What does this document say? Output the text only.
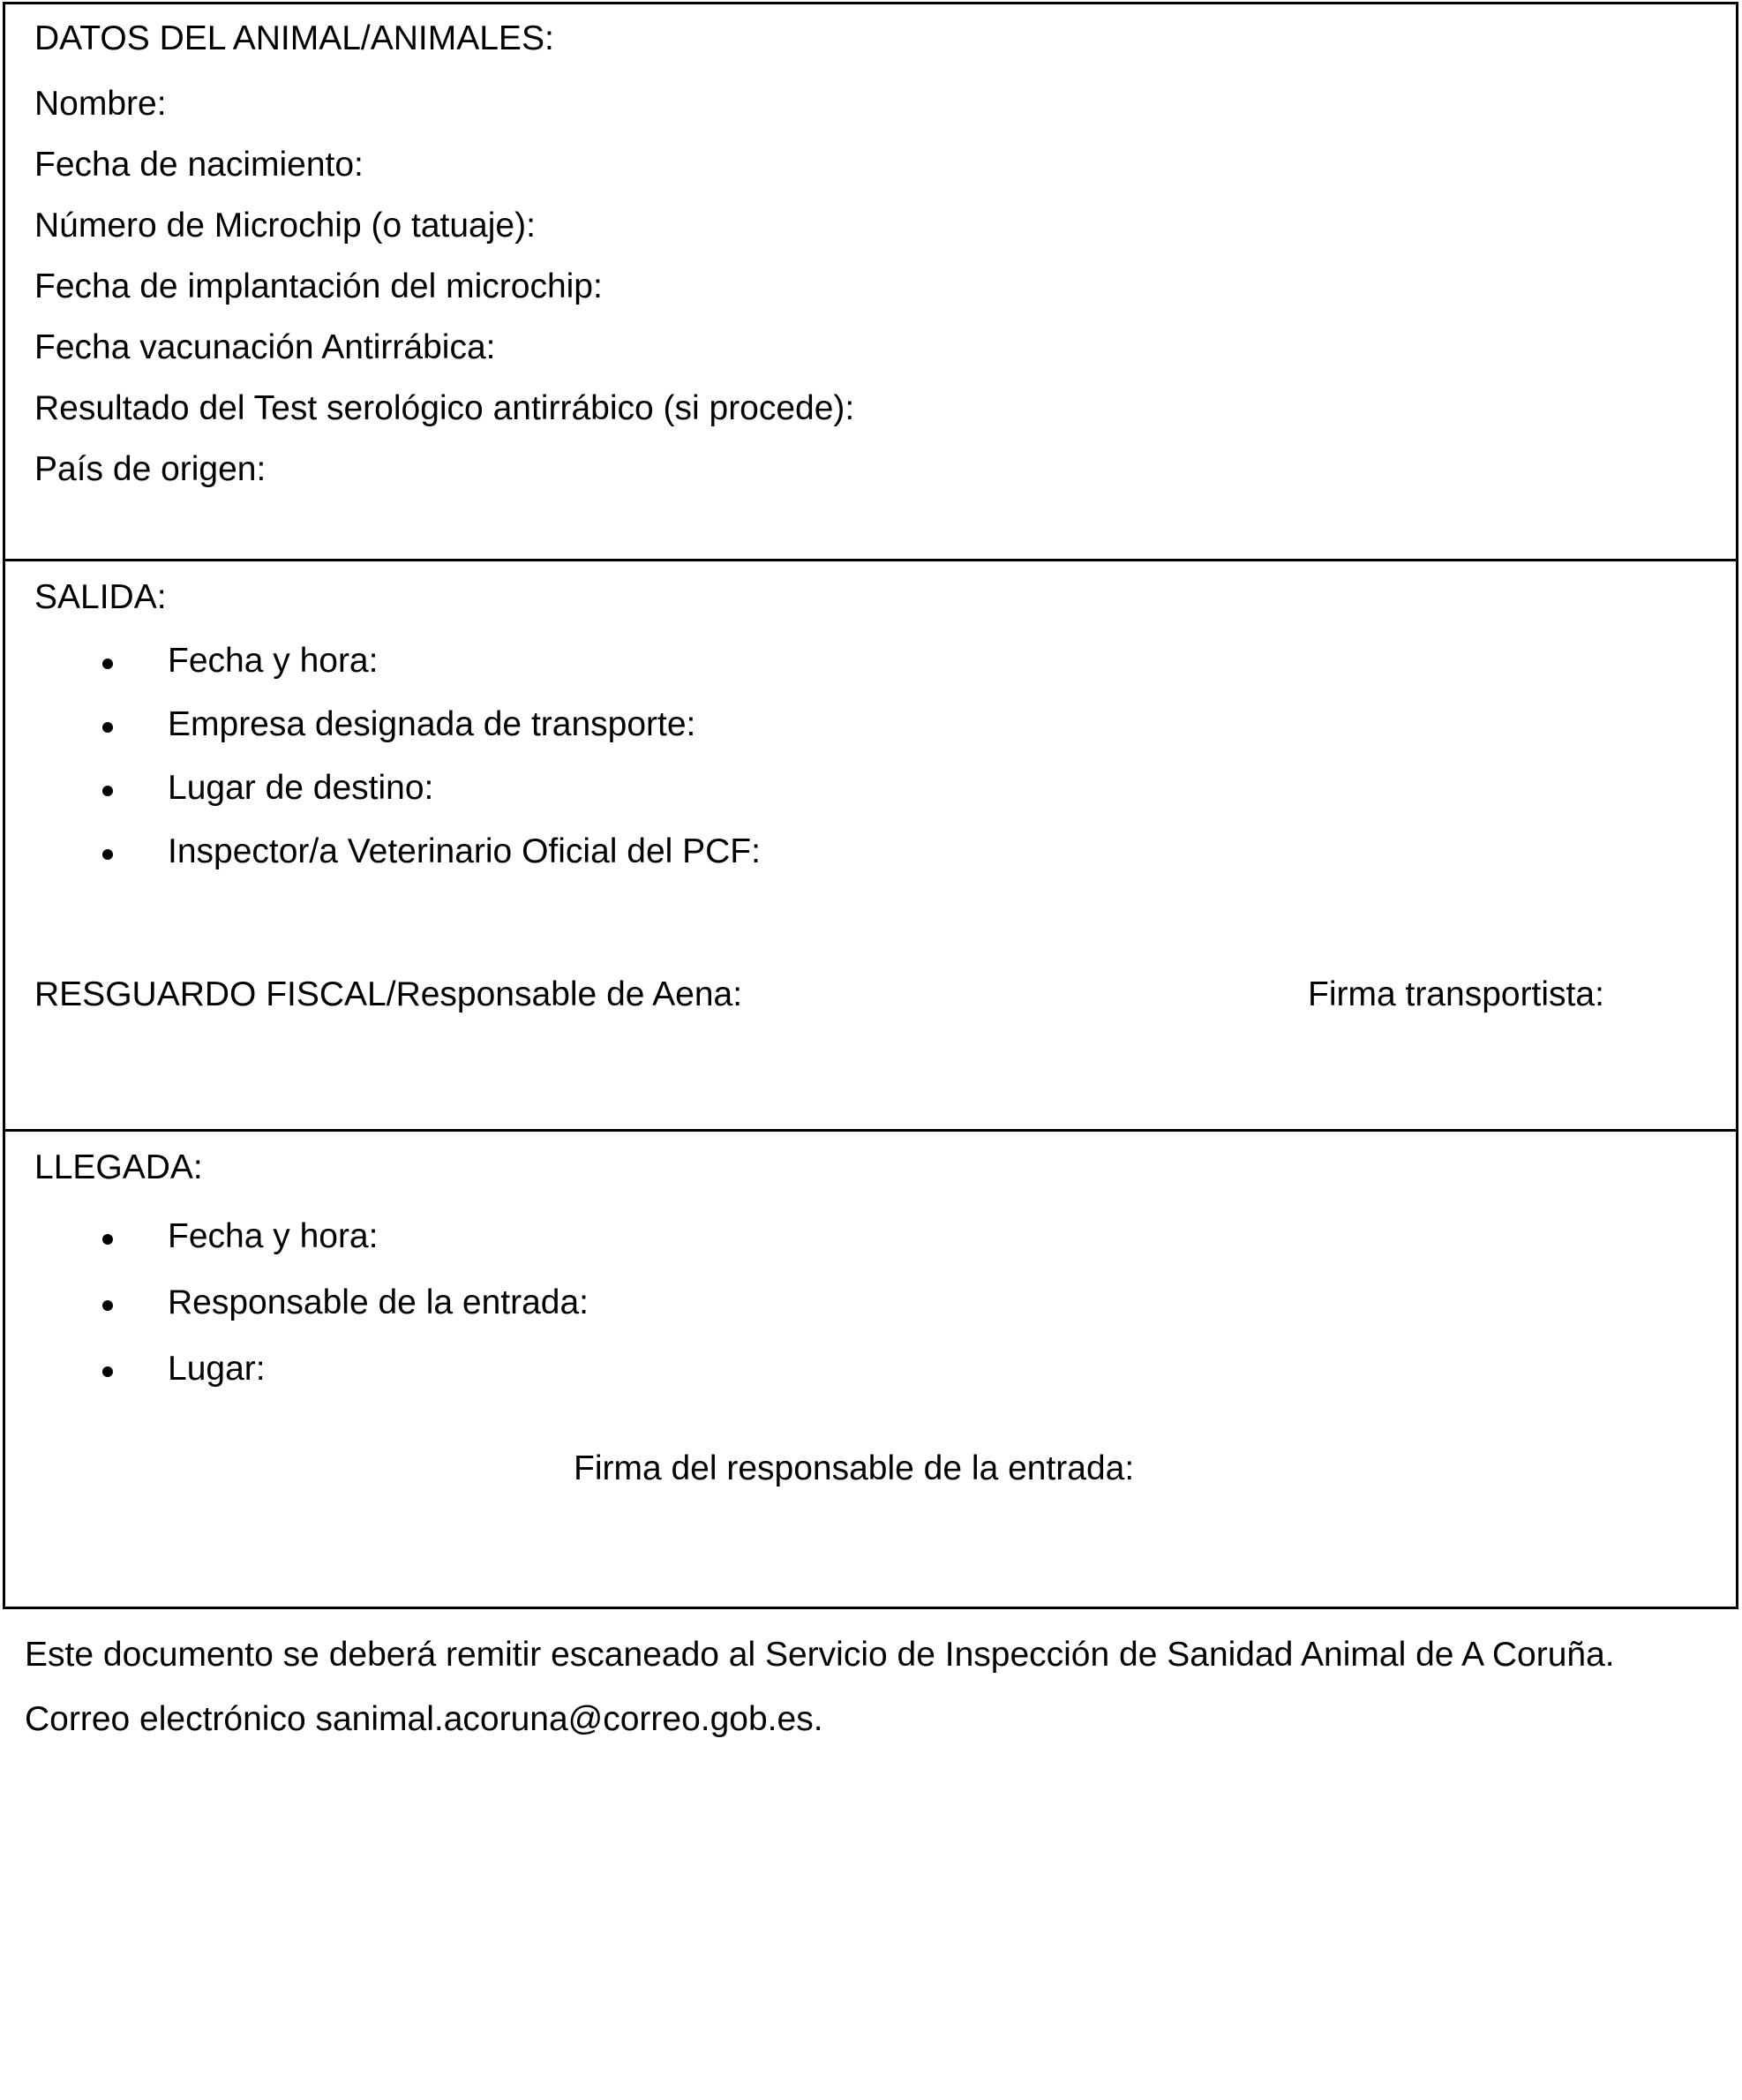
DATOS DEL ANIMAL/ANIMALES:

Nombre:

Fecha de nacimiento:

Número de Microchip (o tatuaje):

Fecha de implantación del microchip:

Fecha vacunación Antirrábica:

Resultado del Test serológico antirrábico (si procede):

País de origen:

SALIDA:

Fecha y hora:

Empresa designada de transporte:

Lugar de destino:

Inspector/a Veterinario Oficial del PCF:

RESGUARDO FISCAL/Responsable de Aena:	Firma transportista:

LLEGADA:

Fecha y hora:

Responsable de la entrada:

Lugar:

Firma del responsable de la entrada:

Este documento se deberá remitir escaneado al Servicio de Inspección de Sanidad Animal de A Coruña.

Correo electrónico sanimal.acoruna@correo.gob.es.
